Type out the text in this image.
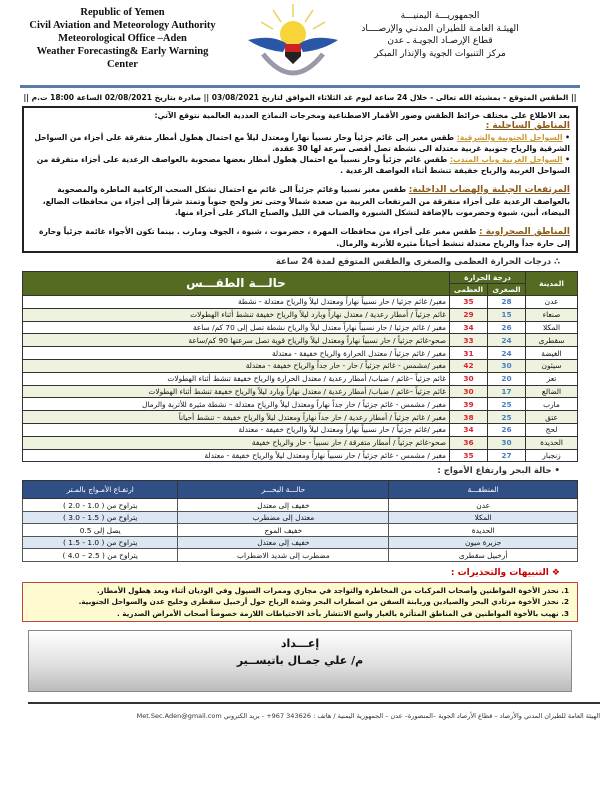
Republic of Yemen
Civil Aviation and Meteorology Authority
Meteorological Office –Aden
Weather Forecasting& Early Warning Center
الجمهوريـــة اليمنيـــة
الهيئـة العامـة للطيران المدنـي والإرصــــاد
قطاع الإرصـاد الجويـة ـ عدن
مركز التنبوات الجوية والإنذار المبكر
|| الطقس المتوقع - بمشيئة الله تعالى - خلال 24 ساعة ليوم غد الثلاثاء الموافق لتاريخ 03/08/2021 || صادرة بتاريخ 02/08/2021 الساعة 18:00 ت.م ||

بعد الاطلاع على مختلف خرائط الطقس وصور الأقمار الاصطناعية ومخرجات النماذج العددية العالمية نتوقع الآتي:

المناطق الساحلية :

• السواحل الجنوبية والشرقية: طقس مغبر إلى غائم جزئياً وحار نسبياً نهاراً ومعتدل ليلاً مع احتمال هطول أمطار متفرقة على أجزاء من السواحل الشرقية والرياح جنوبية غربية معتدلة الى نشطة تصل أقصى سرعة لها 30 عقدة.

• السواحل الغربية وباب المندب: طقس غائم جزئياً وحار نسبياً مع احتمال هطول أمطار بعضها مصحوبة بالعواصف الرعدية على أجزاء متفرقة من السواحل الغربية والرياح خفيفة تنشط أثناء العواصف الرعدية .

المرتفعات الجبلية والهضاب الداخلية: طقس مغبر نسبيا وغائم جزئياً الى غائم مع احتمال تشكل السحب الركامية الماطرة والمصحوبة بالعواصف الرعدية على أجزاء متفرقة من المرتفعات الغربية من صعدة شمالاً وحتى تعز ولحج جنوباً وتمتد شرقاً إلى أجزاء من محافظات الضالع، البيضاء، أبين، شبوة وحضرموت بالإضافة لتشكل الشبورة والضباب في الليل والصباح الباكر على أجزاء منها.

المناطق الصحراوية : طقس مغبر على أجزاء من محافظات المهرة ، حضرموت ، شبوة ، الجوف ومارب . بينما تكون الأجواء غائمة جزئياً وحارة إلى حارة جداً والرياح معتدلة تنشط أحياناً مثيرة للأتربة والرمال.

∴ درجات الحرارة العظمى والصغرى والطقس المتوقع لمدة 24 ساعة
المدينة	درجة الحرارة		حالـــة الطقـــس
	الصغرى	العظمى	
عدن	28	35	مغبر/ غائم جزئيا / حار نسبياً نهاراً ومعتدل ليلاً والرياح معتدلة - نشطة
صنعاء	15	29	غائم جزئياً / أمطار رعدية / معتدل نهاراً وبارد ليلاً والرياح خفيفة تنشط أثناء الهطولات
المكلا	26	34	مغبر / غائم جزئيا / حار نسبياً نهاراً معتدل ليلاً والرياح نشطة تصل إلى 70 كم/ ساعة
سقطرى	24	33	صحو-غائم جزئياً / حار نسبياً نهاراً ومعتدل ليلاً والرياح قوية تصل سرعتها 90 كم/ساعة
الغيضة	24	31	مغبر / غائم جزئياً / معتدل الحرارة والرياح خفيفة - معتدلة
سيئون	30	42	مغبر /مشمس - غائم جزئياً / حار - حار جداً والرياح خفيفة - معتدلة
تعز	20	30	غائم جزئياً –غائم / ضباب/ أمطار رعدية / معتدل الحرارة والرياح خفيفة تنشط أثناء الهطولات
الضالع	17	30	غائم جزئياً –غائم / ضباب/ أمطار رعدية / معتدل نهاراً وبارد ليلاً والرياح خفيفة تنشط أثناء الهطولات
مارب	25	39	مغبر / مشمس - غائم جزئياً / حار جداً نهاراً ومعتدل ليلاً والرياح معتدلة – نشطة مثيرة للأتربة والرمال
عتق	25	38	مغبر / غائم جزئياً / أمطار رعدية / حار جداً نهاراً ومعتدل ليلاً والرياح خفيفة – تنشط أحياناً
لحج	26	34	مغبر /غائم جزئياً / حار نسبياً نهاراً ومعتدل ليلاً والرياح خفيفة - معتدلة
الحديدة	30	36	صحو-غائم جزئياً / أمطار متفرقة / حار نسبياً - حار والرياح خفيفة
زنجبار	27	35	مغبر / مشمس - غائم جزئياً / حار نسبياً نهاراً ومعتدل ليلاً والرياح خفيفة - معتدلة
• حالة البحر وارتفاع الأمواج :
المنطقـــة	حالـــة البحـــر	ارتفـاع الأمـواج بالمـتر
عدن	خفيف إلى معتدل	يتراوح من ( 1.0 - 2.0 )
المكلا	معتدل إلى مضطرب	يتراوح من ( 1.5 - 3.0 )
الحديدة	خفيف الموج	يصل إلى 0.5
جزيرة ميون	خفيف إلى معتدل	يتراوح من ( 1.0 - 1.5 )
أرخبيل سقطرى	مضطرب إلى شديد الاضطراب	يتراوح من ( 2.5 – 4.0 )
❖ التنبيهات والتحذيرات :
1. نحذر الأخوة المواطنين وأصحاب المركبات من المخاطرة والتواجد في مجاري وممرات السيول وفي الوديان أثناء وبعد هطول الأمطار.
2. نحذر الأخوة مرتادي البحر والصيادين وربابنة السفن من اضطراب البحر وشدة الرياح حول أرخبيل سقطرى وخليج عدن والسواحل الجنوبية.
3. نهيب بالأخوة المواطنين في المناطق المتأثرة بالغبار واسع الانتشار بأخذ الاحتياطات اللازمة خصوصاً أصحاب الأمراض الصدرية .
إعـــداد
م/ علي جمـال باتيســير
الهيئة العامة للطيران المدني والأرصاد – قطاع الأرصاد الجوية –المنصورة– عدن – الجمهورية اليمنية / هاتف : 343626 967+ - بريد الكتروني Met.Sec.Aden@gmail.com
